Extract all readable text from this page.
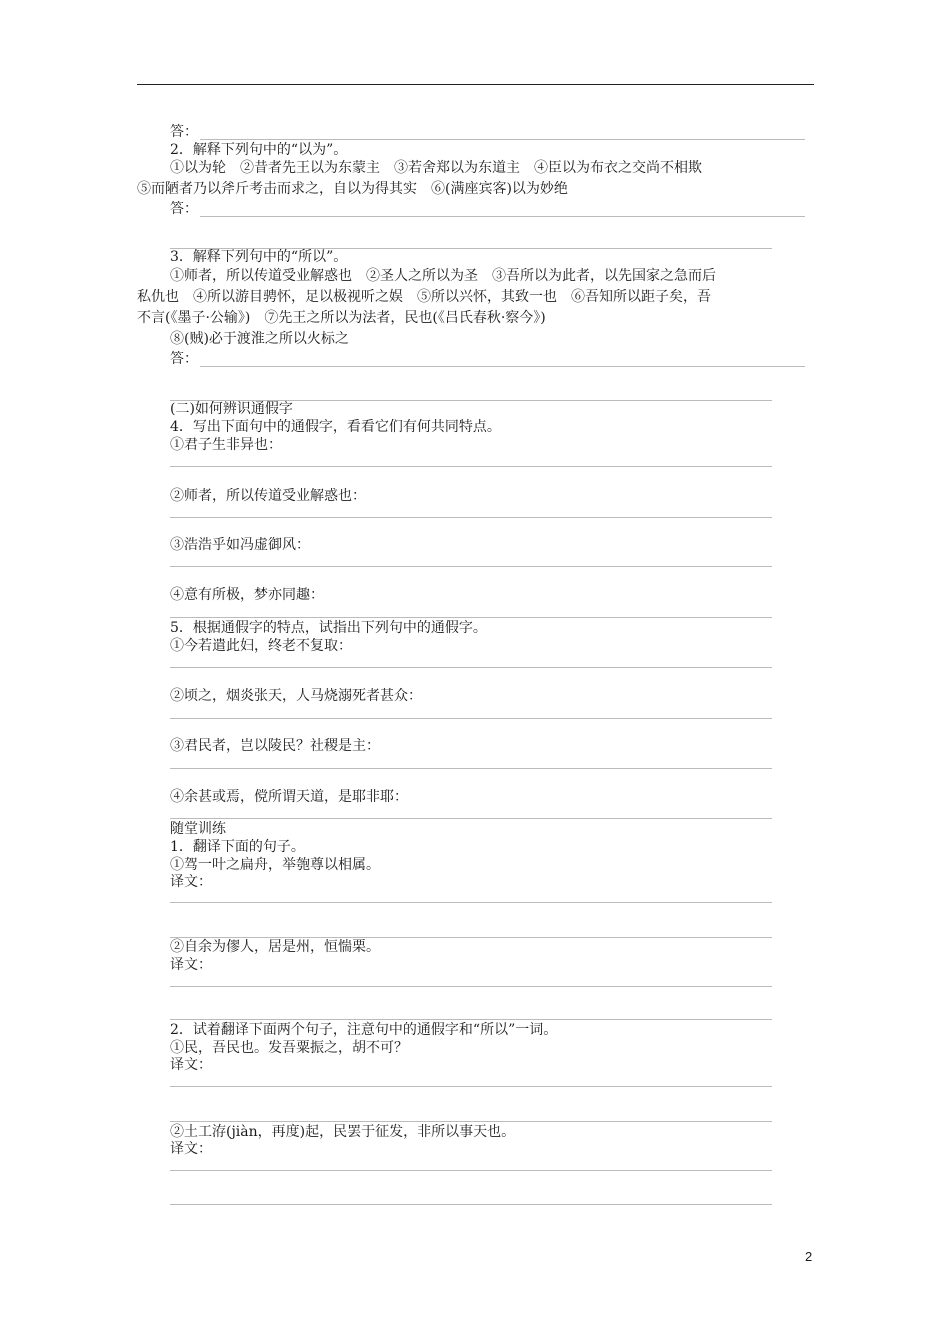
答：
2．解释下列句中的“以为”。
①以为轮　②昔者先王以为东蒙主　③若舍郑以为东道主　④臣以为布衣之交尚不相欺
⑤而陋者乃以斧斤考击而求之，自以为得其实　⑥(满座宾客)以为妙绝
答：
3．解释下列句中的“所以”。
①师者，所以传道受业解惑也　②圣人之所以为圣　③吾所以为此者，以先国家之急而后
私仇也　④所以游目骋怀，足以极视听之娱　⑤所以兴怀，其致一也　⑥吾知所以距子矣，吾
不言(《墨子·公输》)　⑦先王之所以为法者，民也(《吕氏春秋·察今》)
⑧(贼)必于渡淮之所以火标之
答：
(二)如何辨识通假字
4．写出下面句中的通假字，看看它们有何共同特点。
①君子生非异也：
②师者，所以传道受业解惑也：
③浩浩乎如冯虚御风：
④意有所极，梦亦同趣：
5．根据通假字的特点，试指出下列句中的通假字。
①今若遣此妇，终老不复取：
②顷之，烟炎张天，人马烧溺死者甚众：
③君民者，岂以陵民？社稷是主：
④余甚或焉，傥所谓天道，是耶非耶：
随堂训练
1．翻译下面的句子。
①驾一叶之扁舟，举匏尊以相属。
译文：
②自余为僇人，居是州，恒惴栗。
译文：
2．试着翻译下面两个句子，注意句中的通假字和“所以”一词。
①民，吾民也。发吾粟振之，胡不可？
译文：
②土工洊(jiàn，再度)起，民罢于征发，非所以事天也。
译文：
2
